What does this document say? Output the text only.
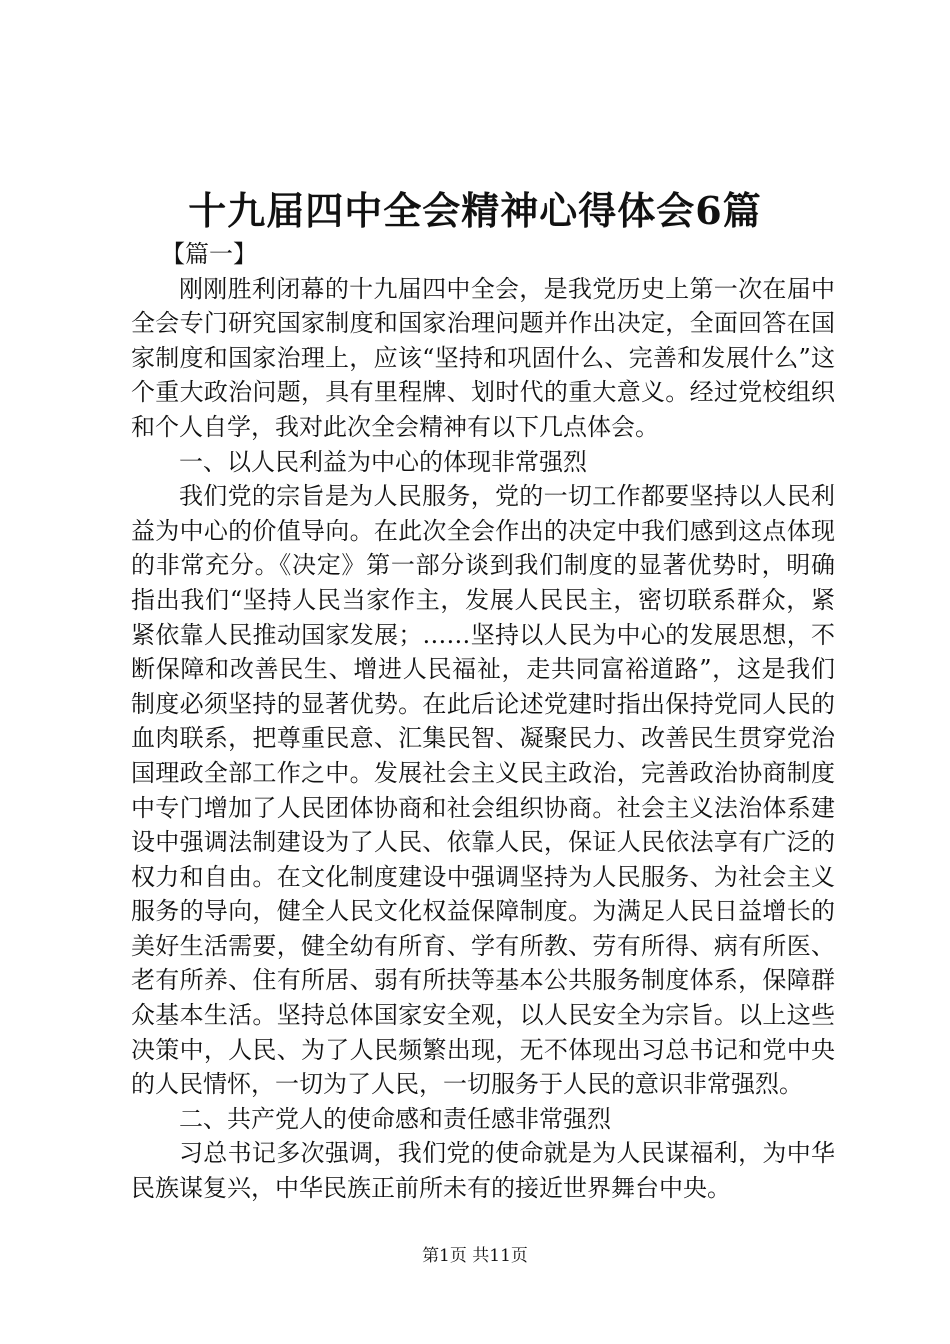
十九届四中全会精神心得体会6篇

【篇一】

刚刚胜利闭幕的十九届四中全会，是我党历史上第一次在届中全会专门研究国家制度和国家治理问题并作出决定，全面回答在国家制度和国家治理上，应该“坚持和巩固什么、完善和发展什么”这个重大政治问题，具有里程牌、划时代的重大意义。经过党校组织和个人自学，我对此次全会精神有以下几点体会。

一、以人民利益为中心的体现非常强烈

我们党的宗旨是为人民服务，党的一切工作都要坚持以人民利益为中心的价值导向。在此次全会作出的决定中我们感到这点体现的非常充分。《决定》第一部分谈到我们制度的显著优势时，明确指出我们“坚持人民当家作主，发展人民民主，密切联系群众，紧紧依靠人民推动国家发展；……坚持以人民为中心的发展思想，不断保障和改善民生、增进人民福祉，走共同富裕道路”，这是我们制度必须坚持的显著优势。在此后论述党建时指出保持党同人民的血肉联系，把尊重民意、汇集民智、凝聚民力、改善民生贯穿党治国理政全部工作之中。发展社会主义民主政治，完善政治协商制度中专门增加了人民团体协商和社会组织协商。社会主义法治体系建设中强调法制建设为了人民、依靠人民，保证人民依法享有广泛的权力和自由。在文化制度建设中强调坚持为人民服务、为社会主义服务的导向，健全人民文化权益保障制度。为满足人民日益增长的美好生活需要，健全幼有所育、学有所教、劳有所得、病有所医、老有所养、住有所居、弱有所扶等基本公共服务制度体系，保障群众基本生活。坚持总体国家安全观，以人民安全为宗旨。以上这些决策中，人民、为了人民频繁出现，无不体现出习总书记和党中央的人民情怀，一切为了人民，一切服务于人民的意识非常强烈。

二、共产党人的使命感和责任感非常强烈

习总书记多次强调，我们党的使命就是为人民谋福利，为中华民族谋复兴，中华民族正前所未有的接近世界舞台中央。

第1页 共11页
